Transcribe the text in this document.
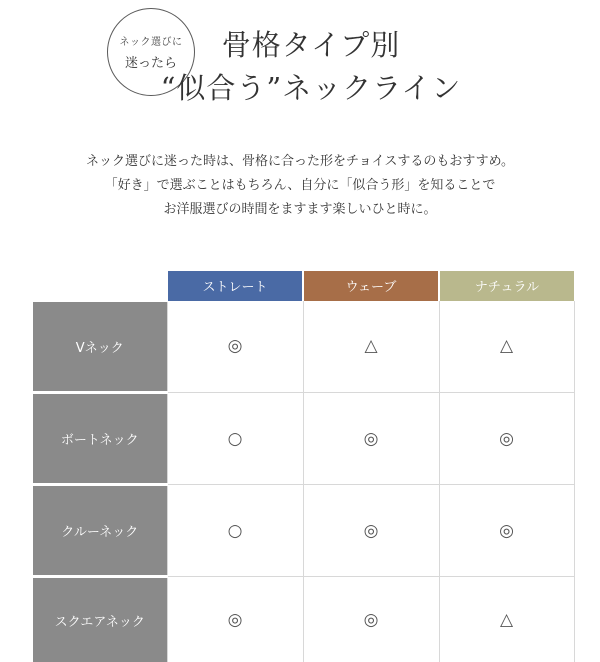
ネック選びに
迷ったら
骨格タイプ別
“似合う”ネックライン
ネック選びに迷った時は、骨格に合った形をチョイスするのもおすすめ。
「好き」で選ぶことはもちろん、自分に「似合う形」を知ることで
お洋服選びの時間をますます楽しいひと時に。
	ストレート	ウェーブ	ナチュラル
Vネック	◎	△	△
ボートネック	○	◎	◎
クルーネック	○	◎	◎
スクエアネック	◎	◎	△
